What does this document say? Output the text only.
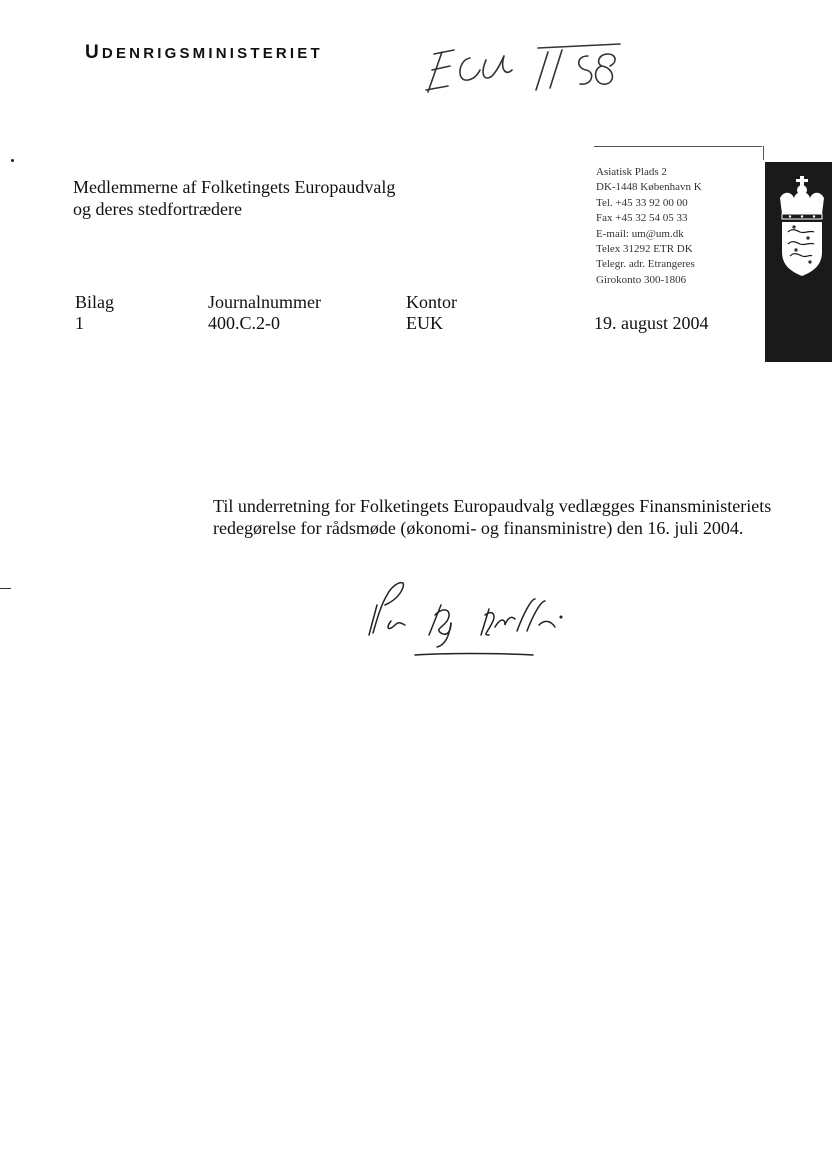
UDENRIGSMINISTERIET
Medlemmerne af Folketingets Europaudvalg
og deres stedfortrædere
Asiatisk Plads 2
DK-1448 København K
Tel. +45 33 92 00 00
Fax +45 32 54 05 33
E-mail: um@um.dk
Telex 31292 ETR DK
Telegr. adr. Etrangeres
Girokonto 300-1806
Bilag
1
Journalnummer
400.C.2-0
Kontor
EUK	19. august 2004
Til underretning for Folketingets Europaudvalg vedlægges Finansministeriets
redegørelse for rådsmøde (økonomi- og finansministre) den 16. juli 2004.
